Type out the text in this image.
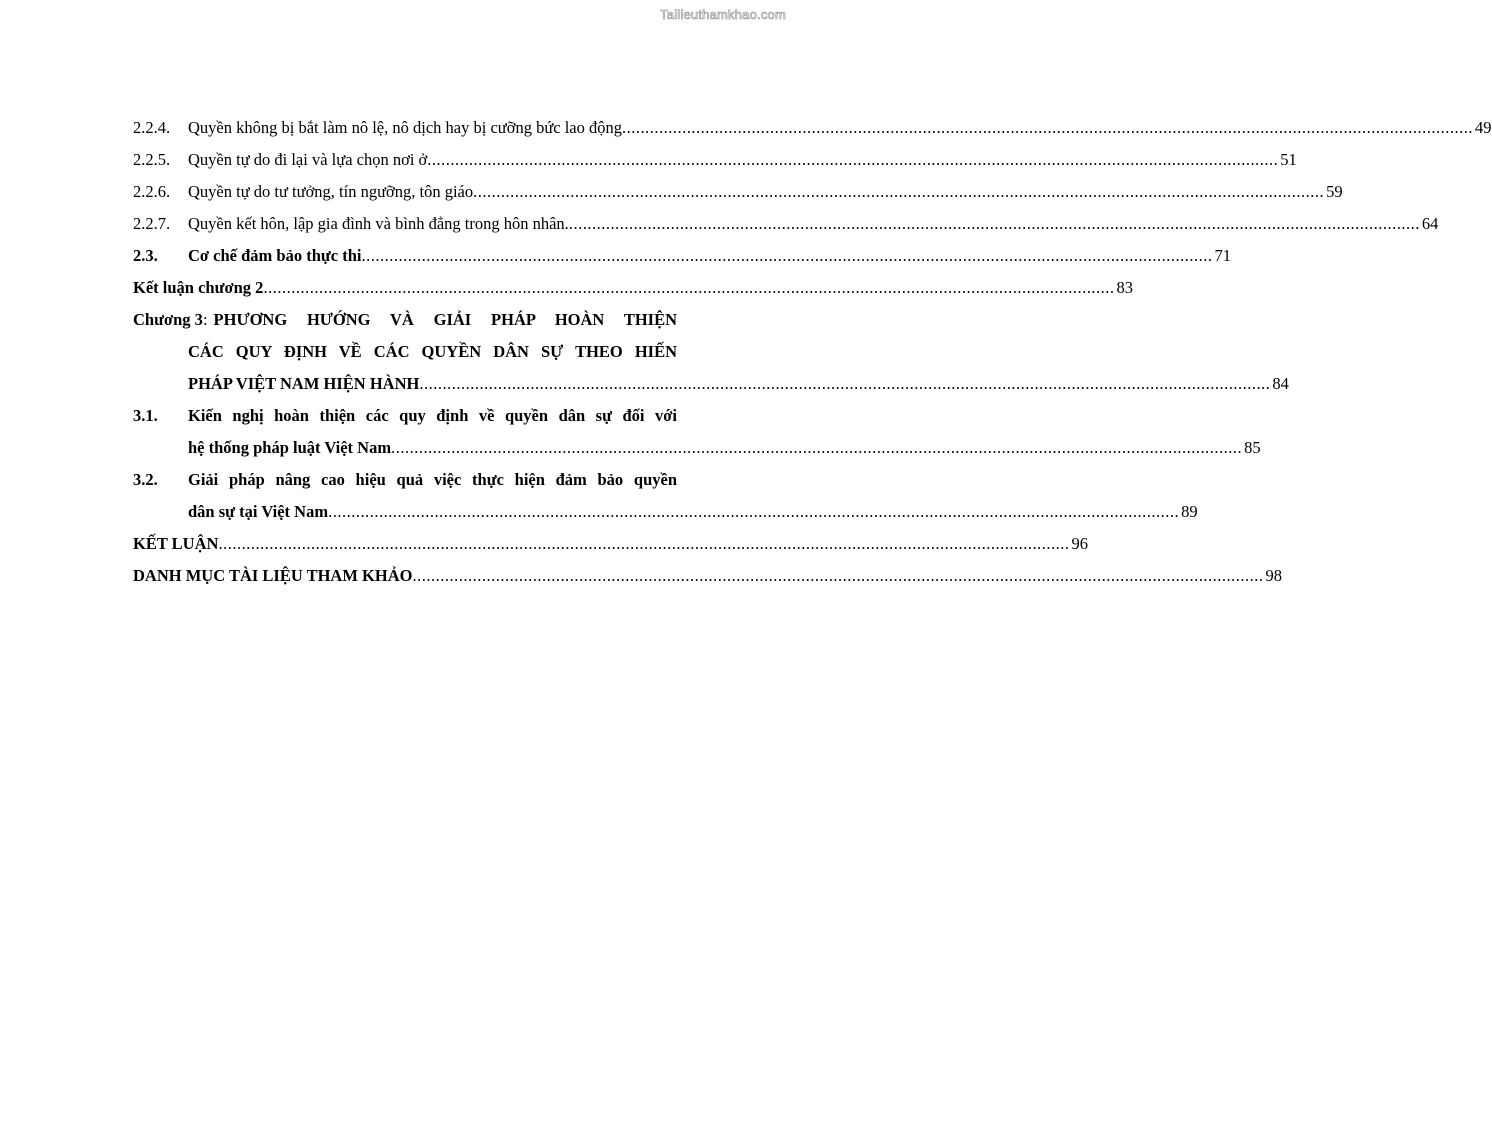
Tailieuthamkhao.com
2.2.4.	Quyền không bị bắt làm nô lệ, nô dịch hay bị cưỡng bức lao động .....	49
2.2.5.	Quyền tự do đi lại và lựa chọn nơi ở .....	51
2.2.6.	Quyền tự do tư tưởng, tín ngưỡng, tôn giáo .....	59
2.2.7.	Quyền kết hôn, lập gia đình và bình đẳng trong hôn nhân. .....	64
2.3.	Cơ chế đảm bảo thực thi .....	71
Kết luận chương 2 .....	83
Chương 3: PHƯƠNG HƯỚNG VÀ GIẢI PHÁP HOÀN THIỆN
CÁC QUY ĐỊNH VỀ CÁC QUYỀN DÂN SỰ THEO HIẾN
PHÁP VIỆT NAM HIỆN HÀNH .....	84
3.1.	Kiến nghị hoàn thiện các quy định về quyền dân sự đối với
hệ thống pháp luật Việt Nam .....	85
3.2.	Giải pháp nâng cao hiệu quả việc thực hiện đảm bảo quyền
dân sự tại Việt Nam .....	89
KẾT LUẬN .....	96
DANH MỤC TÀI LIỆU THAM KHẢO .....	98
